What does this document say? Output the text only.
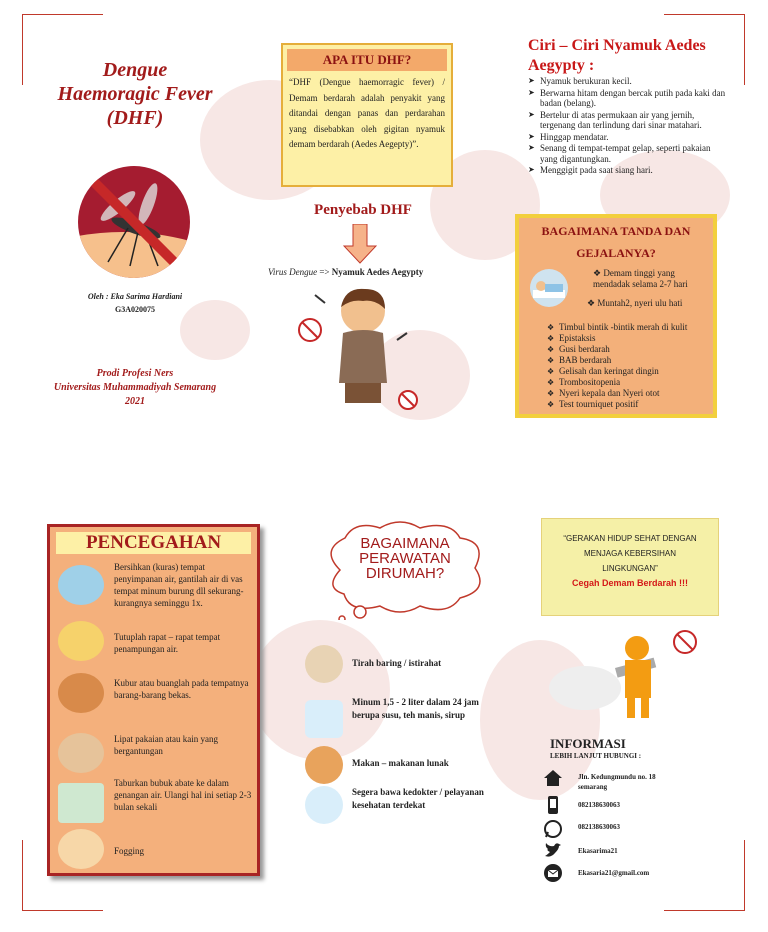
Dengue
Haemoragic Fever
(DHF)
Oleh : Eka Sarima Hardiani
G3A020075
Prodi Profesi Ners
Universitas Muhammadiyah Semarang
2021
APA ITU DHF?
“DHF (Dengue haemorragic fever) / Demam berdarah adalah penyakit yang ditandai dengan panas dan perdarahan yang disebabkan oleh gigitan nyamuk demam berdarah (Aedes Aegepty)”.
Penyebab DHF
Virus Dengue => Nyamuk Aedes Aegypty
Ciri – Ciri Nyamuk Aedes Aegypty :
➤ Nyamuk berukuran kecil.
➤ Berwarna hitam dengan bercak putih pada kaki dan badan (belang).
➤ Bertelur di atas permukaan air yang jernih, tergenang dan terlindung dari sinar matahari.
➤ Hinggap mendatar.
➤ Senang di tempat-tempat gelap, seperti pakaian yang digantungkan.
➤ Menggigit pada saat siang hari.
BAGAIMANA TANDA DAN
GEJALANYA?
❖ Demam tinggi yang mendadak selama 2-7 hari
❖ Muntah2, nyeri ulu hati
❖ Timbul bintik -bintik merah di kulit
❖ Epistaksis
❖ Gusi berdarah
❖ BAB berdarah
❖ Gelisah dan keringat dingin
❖ Trombositopenia
❖ Nyeri kepala dan Nyeri otot
❖ Test tourniquet positif
PENCEGAHAN
Bersihkan (kuras) tempat penyimpanan air, gantilah air di vas tempat minum burung dll sekurang-kurangnya seminggu 1x.
Tutuplah rapat – rapat tempat penampungan air.
Kubur atau buanglah pada tempatnya barang-barang bekas.
Lipat pakaian atau kain yang bergantungan
Taburkan bubuk abate ke dalam genangan air. Ulangi hal ini setiap 2-3 bulan sekali
Fogging
BAGAIMANA
PERAWATAN
DIRUMAH?
Tirah baring / istirahat
Minum 1,5 - 2 liter dalam 24 jam berupa susu, teh manis, sirup
Makan – makanan lunak
Segera bawa kedokter / pelayanan kesehatan terdekat
“GERAKAN HIDUP SEHAT DENGAN
MENJAGA KEBERSIHAN
LINGKUNGAN”
Cegah Demam Berdarah !!!
INFORMASI
LEBIH LANJUT HUBUNGI :
Jln. Kedungmundu no. 18
semarang
082138630063
082138630063
Ekasarima21
Ekasaria21@gmail.com
